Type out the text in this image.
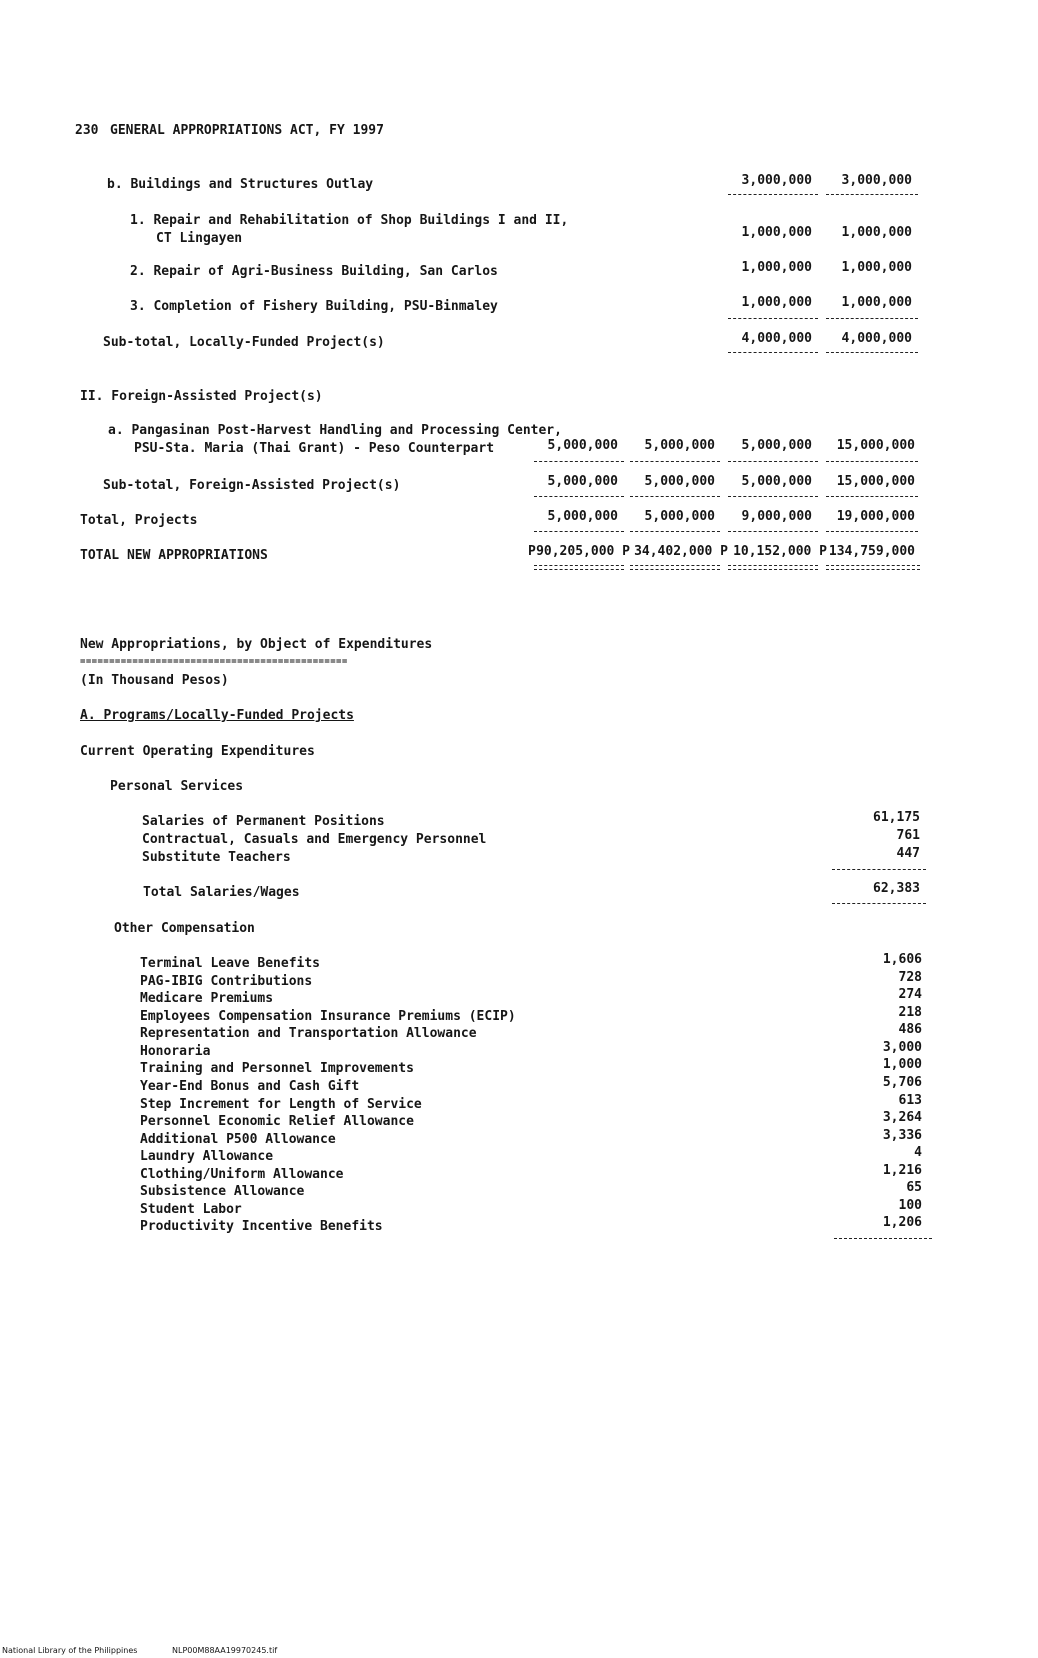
230 GENERAL APPROPRIATIONS ACT, FY 1997
b. Buildings and Structures Outlay	3,000,000	3,000,000
1. Repair and Rehabilitation of Shop Buildings I and II,
CT Lingayen	1,000,000	1,000,000
2. Repair of Agri-Business Building, San Carlos	1,000,000	1,000,000
3. Completion of Fishery Building, PSU-Binmaley	1,000,000	1,000,000
Sub-total, Locally-Funded Project(s)	4,000,000	4,000,000
II. Foreign-Assisted Project(s)
a. Pangasinan Post-Harvest Handling and Processing Center,
PSU-Sta. Maria (Thai Grant) - Peso Counterpart	5,000,000	5,000,000	5,000,000	15,000,000
Sub-total, Foreign-Assisted Project(s)	5,000,000	5,000,000	5,000,000	15,000,000
Total, Projects	5,000,000	5,000,000	9,000,000	19,000,000
TOTAL NEW APPROPRIATIONS	P 90,205,000 P 34,402,000 P 10,152,000 P 134,759,000
New Appropriations, by Object of Expenditures
==============================================
(In Thousand Pesos)
A. Programs/Locally-Funded Projects
Current Operating Expenditures
Personal Services
Salaries of Permanent Positions	61,175
Contractual, Casuals and Emergency Personnel	761
Substitute Teachers	447
Total Salaries/Wages	62,383
Other Compensation
Terminal Leave Benefits	1,606
PAG-IBIG Contributions	728
Medicare Premiums	274
Employees Compensation Insurance Premiums (ECIP)	218
Representation and Transportation Allowance	486
Honoraria	3,000
Training and Personnel Improvements	1,000
Year-End Bonus and Cash Gift	5,706
Step Increment for Length of Service	613
Personnel Economic Relief Allowance	3,264
Additional P500 Allowance	3,336
Laundry Allowance	4
Clothing/Uniform Allowance	1,216
Subsistence Allowance	65
Student Labor	100
Productivity Incentive Benefits	1,206
National Library of the Philippines	NLP00M88AA19970245.tif
